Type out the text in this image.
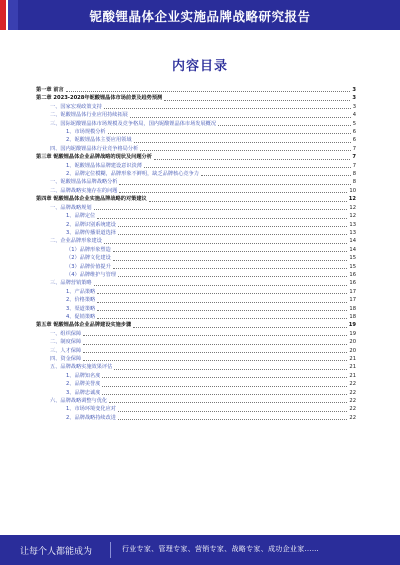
铌酸锂晶体企业实施品牌战略研究报告
内容目录
第一章 前言	3
第二章 2023-2028年铌酸锂晶体市场前景及趋势预测	3
一、国家宏观政策支持	3
二、铌酸锂晶体行业应用持续拓展	4
三、国际铌酸锂晶体市场规模及竞争格局，国内铌酸锂晶体市场发展概况	5
1、市场规模分析	6
2、铌酸锂晶体主要应用领域	6
四、国内铌酸锂晶体行业竞争格局分析	7
第三章 铌酸锂晶体企业品牌战略的现状及问题分析	7
1、铌酸锂晶体品牌建设意识淡薄	7
2、品牌定位模糊，品牌形象不鲜明，缺乏品牌核心竞争力	8
一、铌酸锂晶体品牌战略分析	8
二、品牌战略实施存在的问题	10
第四章 铌酸锂晶体企业实施品牌战略的对策建议	12
一、品牌战略规划	12
1、品牌定位	12
2、品牌识别系统建设	13
3、品牌传播渠道选择	13
二、企业品牌形象建设	14
（1）品牌形象塑造	14
（2）品牌文化建设	15
（3）品牌价值提升	15
（4）品牌维护与管理	16
三、品牌营销策略	16
1、产品策略	17
2、价格策略	17
3、渠道策略	18
4、促销策略	18
第五章 铌酸锂晶体企业品牌建设实施步骤	19
一、组织保障	19
二、制度保障	20
三、人才保障	20
四、资金保障	21
五、品牌战略实施效果评估	21
1、品牌知名度	21
2、品牌美誉度	22
3、品牌忠诚度	22
六、品牌战略调整与优化	22
1、市场环境变化应对	22
2、品牌战略持续改进	22
让每个人都能成为	行业专家、管理专家、营销专家、战略专家、成功企业家……
